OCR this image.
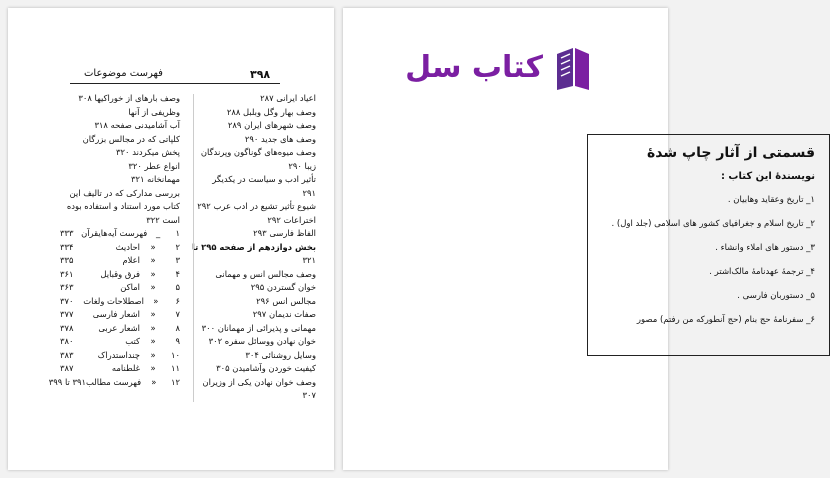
۳۹۸
فهرست موضوعات
اعیاد ایرانی ۲۸۷
وصف بهار وگل وبلبل ۲۸۸
وصف شهرهای ایران ۲۸۹
وصف های جدید ۲۹۰
وصف میوه‌های گوناگون وپرندگان
زیبا ۲۹۰
تأثیر ادب و سیاست در یکدیگر
۲۹۱
شیوع تأثیر تشیع در ادب عرب ۲۹۲
اختراعات ۲۹۲
الفاظ فارسی ۲۹۳
بخش دوازدهم از صفحه ۲۹۵ تا
۳۲۱
وصف مجالس انس و مهمانی
خوان گستردن ۲۹۵
مجالس انس ۲۹۶
صفات ندیمان ۲۹۷
مهمانی و پذیرائی از مهمانان ۳۰۰
خوان نهادن ووسائل سفره ۳۰۲
وسایل روشنائی ۳۰۴
کیفیت خوردن وآشامیدن ۳۰۵
وصف خوان نهادن یکی از وزیران
۳۰۷
وصف بارهای از خوراکیها ۳۰۸
وظریفی از آنها
آب آشامیدنی صفحه ۳۱۸
کلپاتی که در مجالس بزرگان
پخش میکردند ۳۲۰
انواع عطر ۳۲۰
مهمانخانه ۳۲۱
بررسی مدارکی که در تالیف این
کتاب مورد استناد و استفاده بوده
است ۳۲۲
۱
_
فهرست آیه‌هایقرآن
۳۳۳
۲
«
احادیث
۳۳۴
۳
«
اعلام
۳۳۵
۴
«
فرق وقبایل
۳۶۱
۵
«
اماکن
۳۶۳
۶
«
اصطلاحات ولغات
۳۷۰
۷
«
اشعار فارسی
۳۷۷
۸
«
اشعار عربی
۳۷۸
۹
«
کتب
۳۸۰
۱۰
«
چنداستدراک
۳۸۳
۱۱
«
غلطنامه
۳۸۷
۱۲
«
فهرست مطالب
۳۹۱ تا ۳۹۹
کتاب سل
قسمتی از آثار چاپ شدهٔ
نویسندهٔ این کتاب :
۱_ تاریخ وعقاید وهابیان .
۲_ تاریخ اسلام و جغرافیای کشور های اسلامی (جلد اول) .
۳_ دستور های املاء وانشاء .
۴_ ترجمهٔ عهدنامهٔ مالک‌اشتر .
۵_ دستوربان فارسی .
۶_ سفرنامهٔ حج بنام (حج آنطورکه من رفتم) مصور
